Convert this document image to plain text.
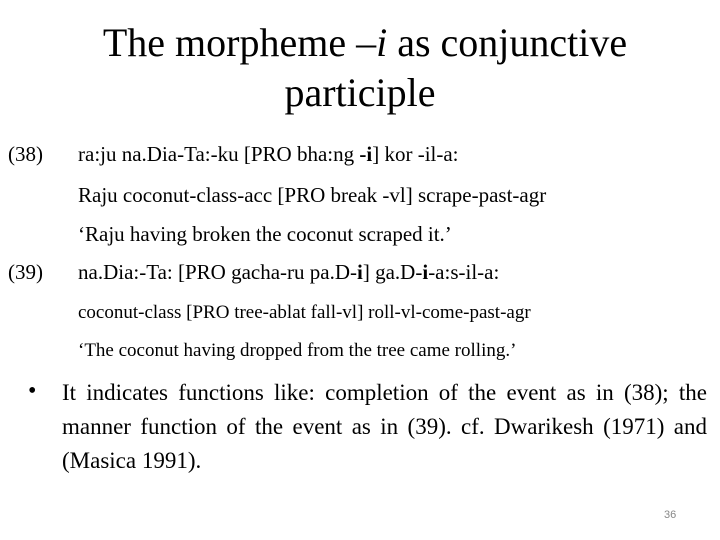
The morpheme –i as conjunctive
participle
(38) ra:ju na.Dia-Ta:-ku [PRO bha:ng -i] kor -il-a:
Raju coconut-class-acc [PRO break -vl] scrape-past-agr
‘Raju having broken the coconut scraped it.’
(39) na.Dia:-Ta: [PRO gacha-ru pa.D-i] ga.D-i-a:s-il-a:
coconut-class [PRO tree-ablat fall-vl] roll-vl-come-past-agr
‘The coconut having dropped from the tree came rolling.’
• It indicates functions like: completion of the event as in (38); the manner function of the event as in (39). cf. Dwarikesh (1971) and (Masica 1991).
36
